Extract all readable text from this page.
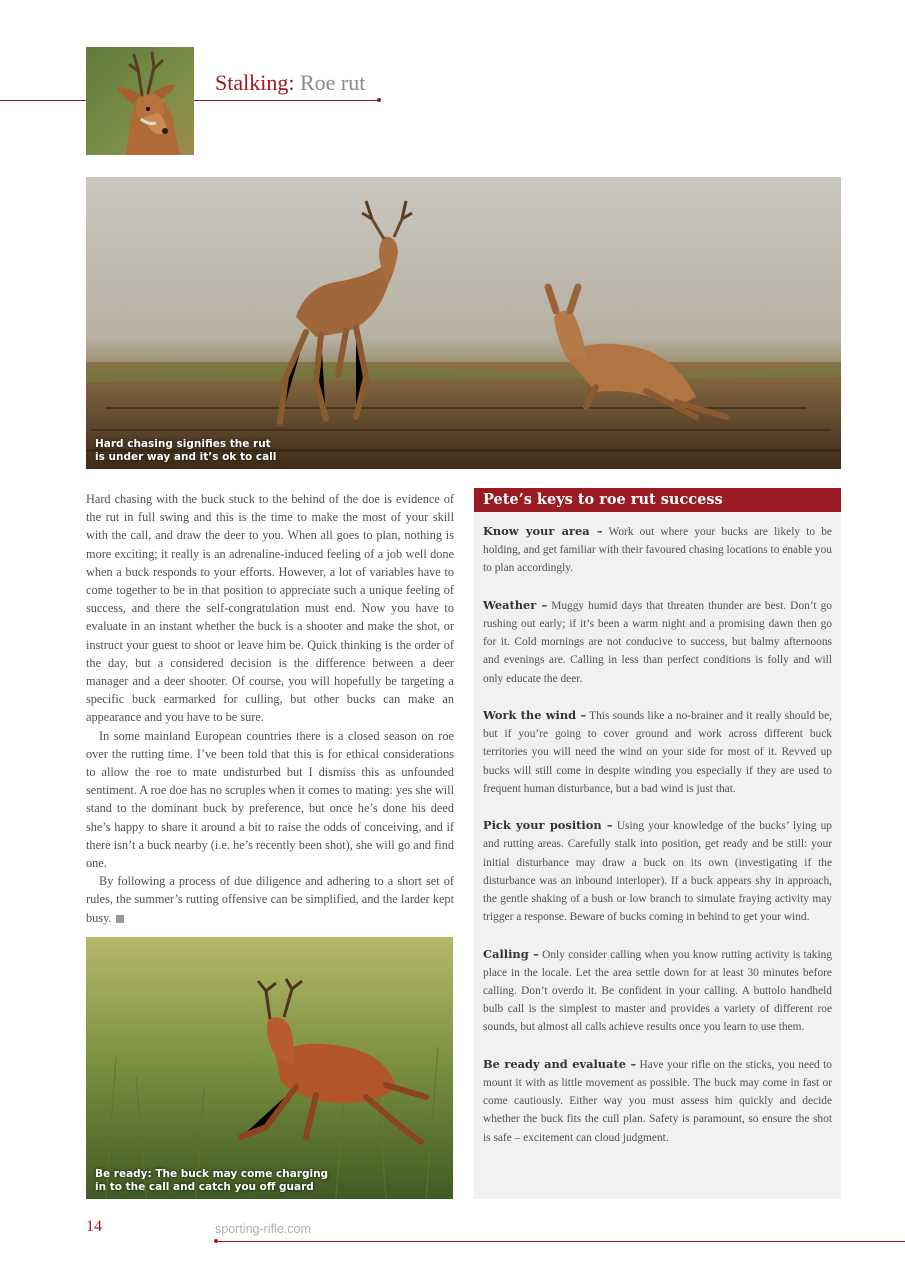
Stalking: Roe rut
Hard chasing signifies the rut
is under way and it’s ok to call

Hard chasing with the buck stuck to the behind of the doe is evidence of the rut in full swing and this is the time to make the most of your skill with the call, and draw the deer to you. When all goes to plan, nothing is more exciting; it really is an adrenaline-induced feeling of a job well done when a buck responds to your efforts. However, a lot of variables have to come together to be in that position to appreciate such a unique feeling of success, and there the self-congratulation must end. Now you have to evaluate in an instant whether the buck is a shooter and make the shot, or instruct your guest to shoot or leave him be. Quick thinking is the order of the day, but a considered decision is the difference between a deer manager and a deer shooter. Of course, you will hopefully be targeting a specific buck earmarked for culling, but other bucks can make an appearance and you have to be sure.

In some mainland European countries there is a closed season on roe over the rutting time. I’ve been told that this is for ethical considerations to allow the roe to mate undisturbed but I dismiss this as unfounded sentiment. A roe doe has no scruples when it comes to mating: yes she will stand to the dominant buck by preference, but once he’s done his deed she’s happy to share it around a bit to raise the odds of conceiving, and if there isn’t a buck nearby (i.e. he’s recently been shot), she will go and find one.

By following a process of due diligence and adhering to a short set of rules, the summer’s rutting offensive can be simplified, and the larder kept busy.

Be ready: The buck may come charging
in to the call and catch you off guard
Pete’s keys to roe rut success

Know your area – Work out where your bucks are likely to be holding, and get familiar with their favoured chasing locations to enable you to plan accordingly.

Weather – Muggy humid days that threaten thunder are best. Don’t go rushing out early; if it’s been a warm night and a promising dawn then go for it. Cold mornings are not conducive to success, but balmy afternoons and evenings are. Calling in less than perfect conditions is folly and will only educate the deer.

Work the wind – This sounds like a no-brainer and it really should be, but if you’re going to cover ground and work across different buck territories you will need the wind on your side for most of it. Revved up bucks will still come in despite winding you especially if they are used to frequent human disturbance, but a bad wind is just that.

Pick your position – Using your knowledge of the bucks’ lying up and rutting areas. Carefully stalk into position, get ready and be still: your initial disturbance may draw a buck on its own (investigating if the disturbance was an inbound interloper). If a buck appears shy in approach, the gentle shaking of a bush or low branch to simulate fraying activity may trigger a response. Beware of bucks coming in behind to get your wind.

Calling – Only consider calling when you know rutting activity is taking place in the locale. Let the area settle down for at least 30 minutes before calling. Don’t overdo it. Be confident in your calling. A buttolo handheld bulb call is the simplest to master and provides a variety of different roe sounds, but almost all calls achieve results once you learn to use them.

Be ready and evaluate – Have your rifle on the sticks, you need to mount it with as little movement as possible. The buck may come in fast or come cautiously. Either way you must assess him quickly and decide whether the buck fits the cull plan. Safety is paramount, so ensure the shot is safe – excitement can cloud judgment.

14	sporting-rifle.com
